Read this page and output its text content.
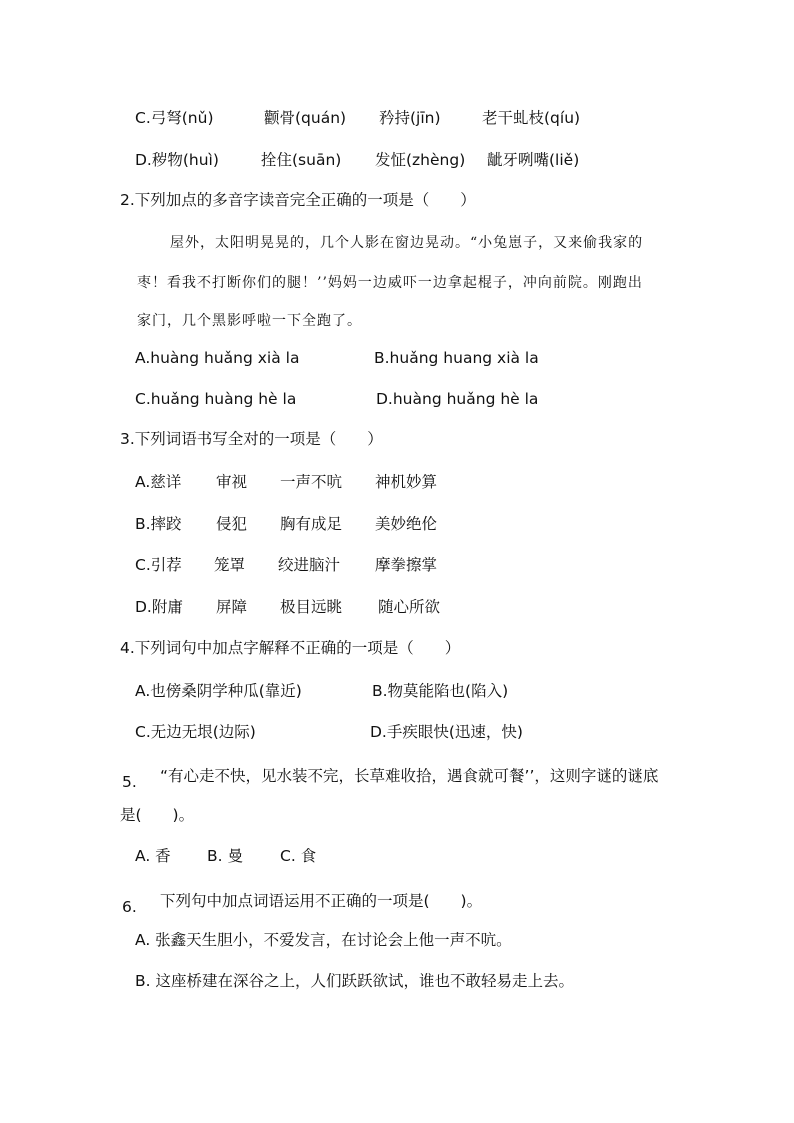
C.弓弩(nǔ)	颧骨(quán) 矜持(jīn)	老干虬枝(qíu)
D.秽物(huì)	拴住(suān) 发怔(zhèng) 龇牙咧嘴(liě)
2.下列加点的多音字读音完全正确的一项是（　　）
屋外，太阳明晃晃的，几个人影在窗边晃动。“小兔崽子，又来偷我家的
枣！看我不打断你们的腿！’’妈妈一边威吓一边拿起棍子，冲向前院。刚跑出
家门，几个黑影呼啦一下全跑了。
A.huàng huǎng xià la	B.huǎng huang xià la
C.huǎng huàng hè la	D.huàng huǎng hè la
3.下列词语书写全对的一项是（　　）
A.慈详 审视 一声不吭 神机妙算
B.摔跤 侵犯 胸有成足 美妙绝伦
C.引荐 笼罩 绞进脑汁 摩拳擦掌
D.附庸 屏障 极目远眺 随心所欲
4.下列词句中加点字解释不正确的一项是（　　）
A.也傍桑阴学种瓜(靠近)	B.物莫能陷也(陷入)
C.无边无垠(边际)	D.手疾眼快(迅速，快)
5. “有心走不快，见水装不完，长草难收拾，遇食就可餐’’，这则字谜的谜底
是(　　)。
A. 香 B. 曼 C. 食
6. 下列句中加点词语运用不正确的一项是(　　)。
A. 张鑫天生胆小，不爱发言，在讨论会上他一声不吭。
B. 这座桥建在深谷之上，人们跃跃欲试，谁也不敢轻易走上去。
